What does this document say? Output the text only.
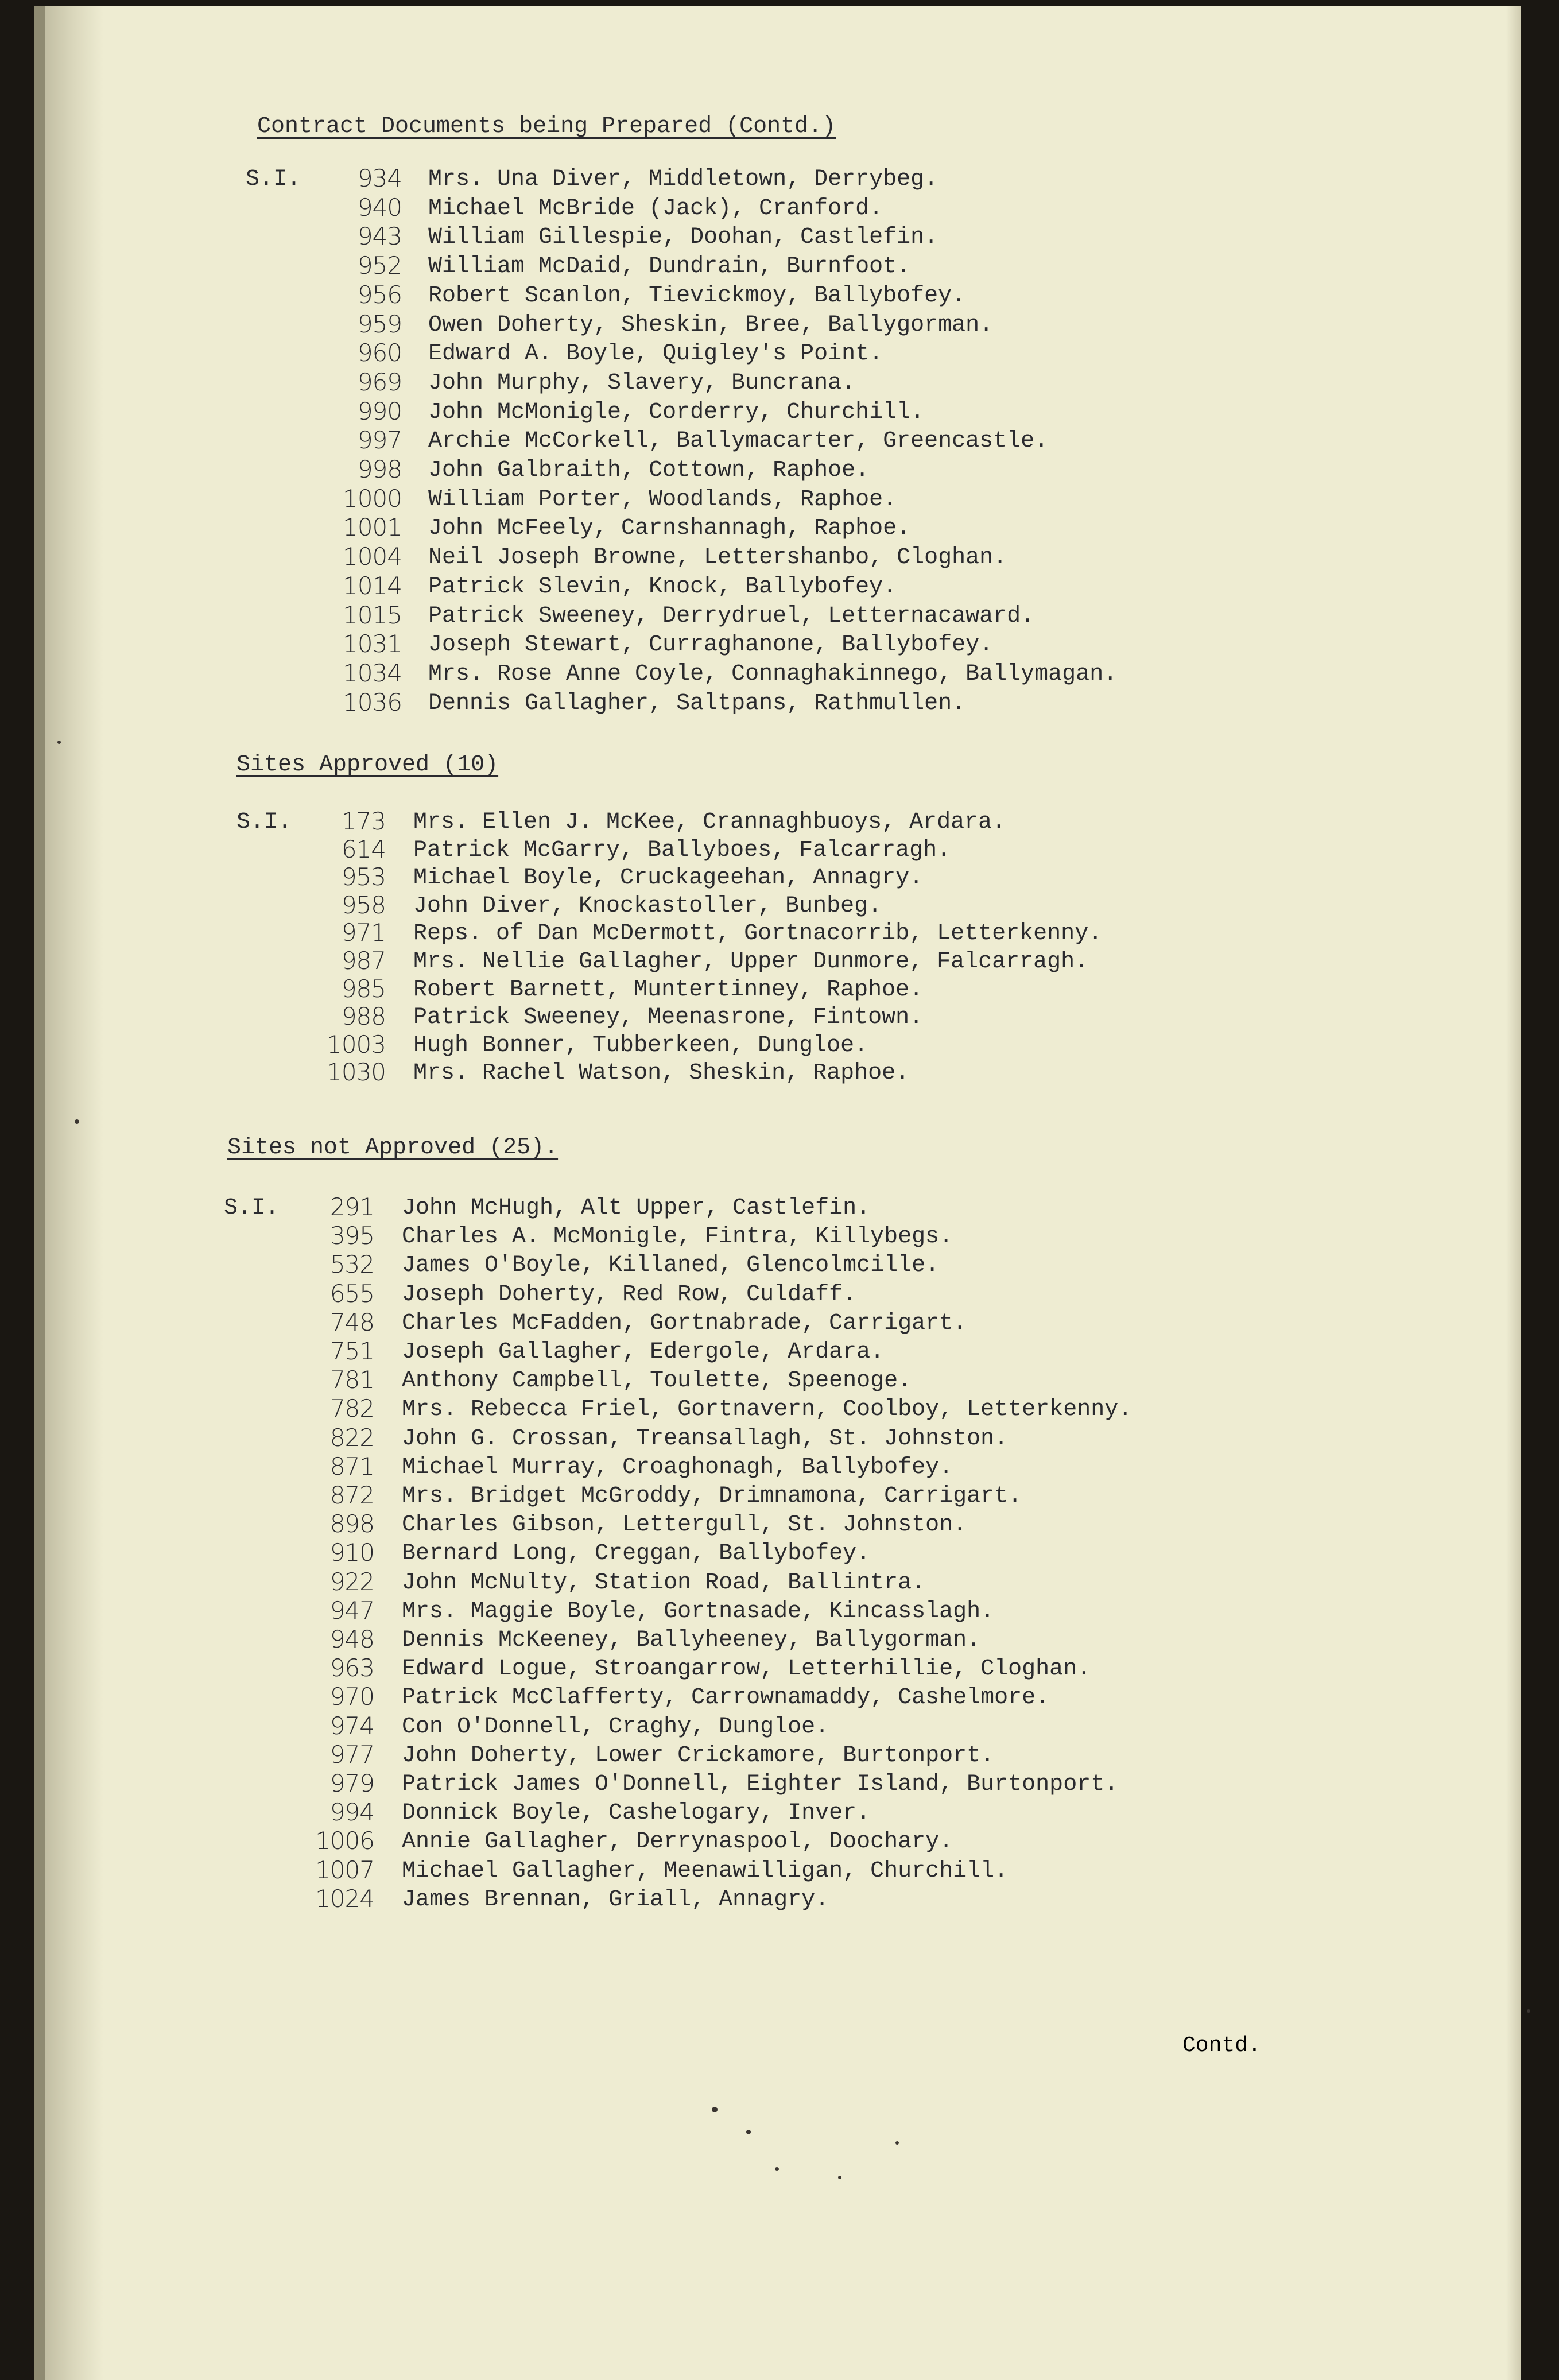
Contract Documents being Prepared (Contd.)
S.I.	934 Mrs. Una Diver, Middletown, Derrybeg.
940 Michael McBride (Jack), Cranford.
943 William Gillespie, Doohan, Castlefin.
952 William McDaid, Dundrain, Burnfoot.
956 Robert Scanlon, Tievickmoy, Ballybofey.
959 Owen Doherty, Sheskin, Bree, Ballygorman.
960 Edward A. Boyle, Quigley's Point.
969 John Murphy, Slavery, Buncrana.
990 John McMonigle, Corderry, Churchill.
997 Archie McCorkell, Ballymacarter, Greencastle.
998 John Galbraith, Cottown, Raphoe.
1000 William Porter, Woodlands, Raphoe.
1001 John McFeely, Carnshannagh, Raphoe.
1004 Neil Joseph Browne, Lettershanbo, Cloghan.
1014 Patrick Slevin, Knock, Ballybofey.
1015 Patrick Sweeney, Derrydruel, Letternacaward.
1031 Joseph Stewart, Curraghanone, Ballybofey.
1034 Mrs. Rose Anne Coyle, Connaghakinnego, Ballymagan.
1036 Dennis Gallagher, Saltpans, Rathmullen.
Sites Approved (10)
S.I.	173 Mrs. Ellen J. McKee, Crannaghbuoys, Ardara.
614 Patrick McGarry, Ballyboes, Falcarragh.
953 Michael Boyle, Cruckageehan, Annagry.
958 John Diver, Knockastoller, Bunbeg.
971 Reps. of Dan McDermott, Gortnacorrib, Letterkenny.
987 Mrs. Nellie Gallagher, Upper Dunmore, Falcarragh.
985 Robert Barnett, Muntertinney, Raphoe.
988 Patrick Sweeney, Meenasrone, Fintown.
1003 Hugh Bonner, Tubberkeen, Dungloe.
1030 Mrs. Rachel Watson, Sheskin, Raphoe.
Sites not Approved (25).
S.I.	291 John McHugh, Alt Upper, Castlefin.
395 Charles A. McMonigle, Fintra, Killybegs.
532 James O'Boyle, Killaned, Glencolmcille.
655 Joseph Doherty, Red Row, Culdaff.
748 Charles McFadden, Gortnabrade, Carrigart.
751 Joseph Gallagher, Edergole, Ardara.
781 Anthony Campbell, Toulette, Speenoge.
782 Mrs. Rebecca Friel, Gortnavern, Coolboy, Letterkenny.
822 John G. Crossan, Treansallagh, St. Johnston.
871 Michael Murray, Croaghonagh, Ballybofey.
872 Mrs. Bridget McGroddy, Drimnamona, Carrigart.
898 Charles Gibson, Lettergull, St. Johnston.
910 Bernard Long, Creggan, Ballybofey.
922 John McNulty, Station Road, Ballintra.
947 Mrs. Maggie Boyle, Gortnasade, Kincasslagh.
948 Dennis McKeeney, Ballyheeney, Ballygorman.
963 Edward Logue, Stroangarrow, Letterhillie, Cloghan.
970 Patrick McClafferty, Carrownamaddy, Cashelmore.
974 Con O'Donnell, Craghy, Dungloe.
977 John Doherty, Lower Crickamore, Burtonport.
979 Patrick James O'Donnell, Eighter Island, Burtonport.
994 Donnick Boyle, Cashelogary, Inver.
1006 Annie Gallagher, Derrynaspool, Doochary.
1007 Michael Gallagher, Meenawilligan, Churchill.
1024 James Brennan, Griall, Annagry.
Contd.
